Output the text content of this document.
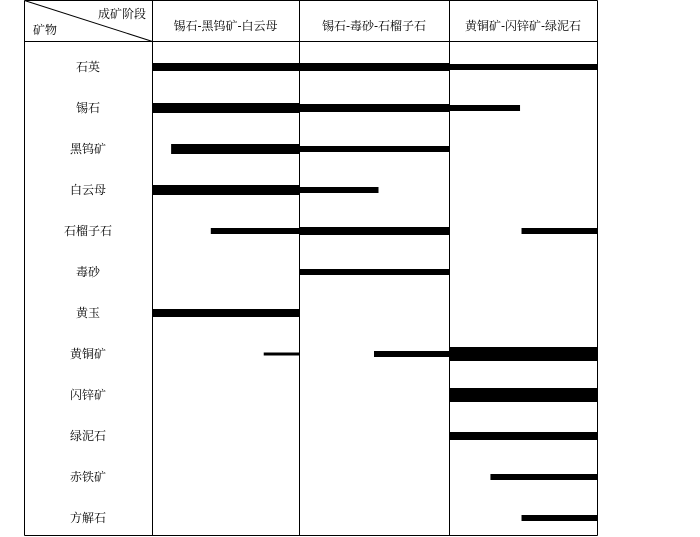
成矿阶段
矿物	锡石-黑钨矿-白云母	锡石-毒砂-石榴子石	黄铜矿-闪锌矿-绿泥石
石英
锡石
黑钨矿
白云母
石榴子石
毒砂
黄玉
黄铜矿
闪锌矿
绿泥石
赤铁矿
方解石
